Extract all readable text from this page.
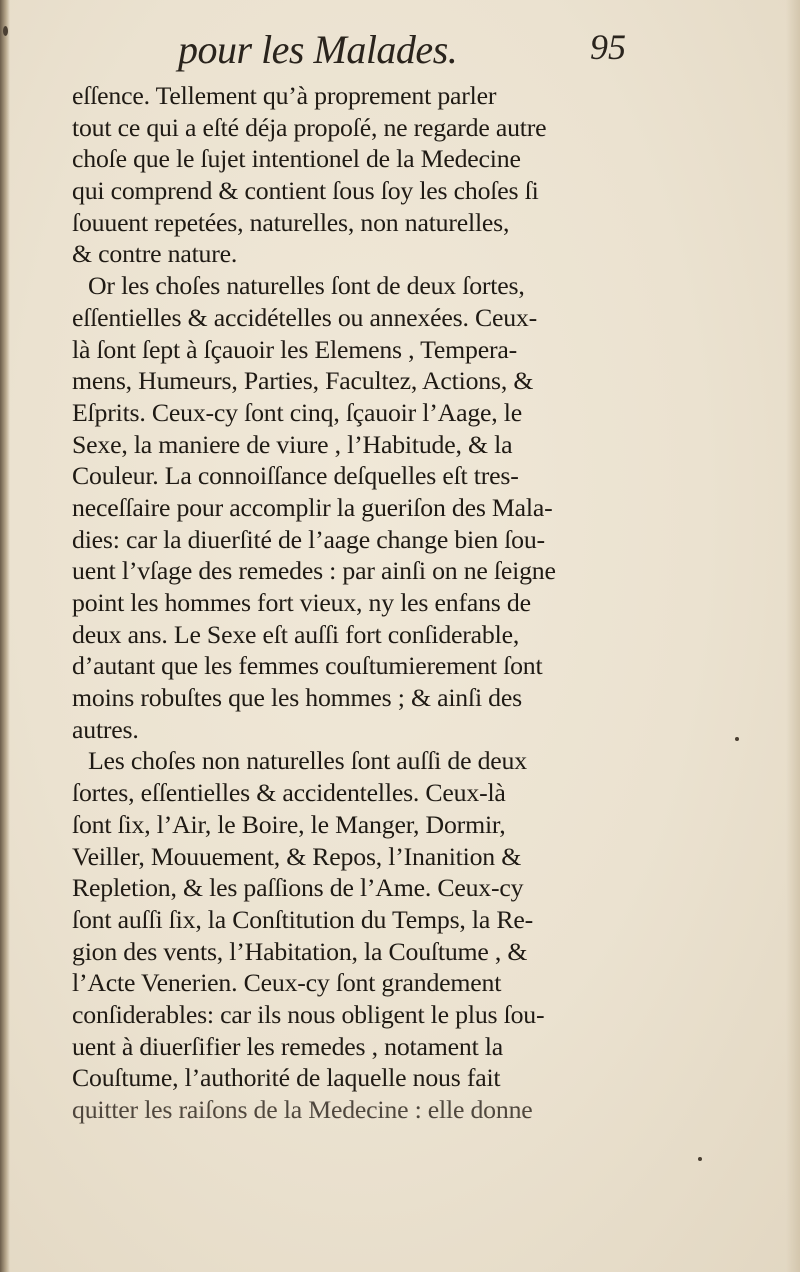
pour les Malades.	95
eſſence. Tellement qu’à proprement parler
tout ce qui a eſté déja propoſé, ne regarde autre
choſe que le ſujet intentionel de la Medecine
qui comprend & contient ſous ſoy les choſes ſi
ſouuent repetées, naturelles, non naturelles,
& contre nature.
Or les choſes naturelles ſont de deux ſortes,
eſſentielles & accidételles ou annexées. Ceux-
là ſont ſept à ſçauoir les Elemens , Tempera-
mens, Humeurs, Parties, Facultez, Actions, &
Eſprits. Ceux-cy ſont cinq, ſçauoir l’Aage, le
Sexe, la maniere de viure , l’Habitude, & la
Couleur. La connoiſſance deſquelles eſt tres-
neceſſaire pour accomplir la gueriſon des Mala-
dies: car la diuerſité de l’aage change bien ſou-
uent l’vſage des remedes : par ainſi on ne ſeigne
point les hommes fort vieux, ny les enfans de
deux ans. Le Sexe eſt auſſi fort conſiderable,
d’autant que les femmes couſtumierement ſont
moins robuſtes que les hommes ; & ainſi des
autres.
Les choſes non naturelles ſont auſſi de deux
ſortes, eſſentielles & accidentelles. Ceux-là
ſont ſix, l’Air, le Boire, le Manger, Dormir,
Veiller, Mouuement, & Repos, l’Inanition &
Repletion, & les paſſions de l’Ame. Ceux-cy
ſont auſſi ſix, la Conſtitution du Temps, la Re-
gion des vents, l’Habitation, la Couſtume , &
l’Acte Venerien. Ceux-cy ſont grandement
conſiderables: car ils nous obligent le plus ſou-
uent à diuerſifier les remedes , notament la
Couſtume, l’authorité de laquelle nous fait
quitter les raiſons de la Medecine : elle donne
